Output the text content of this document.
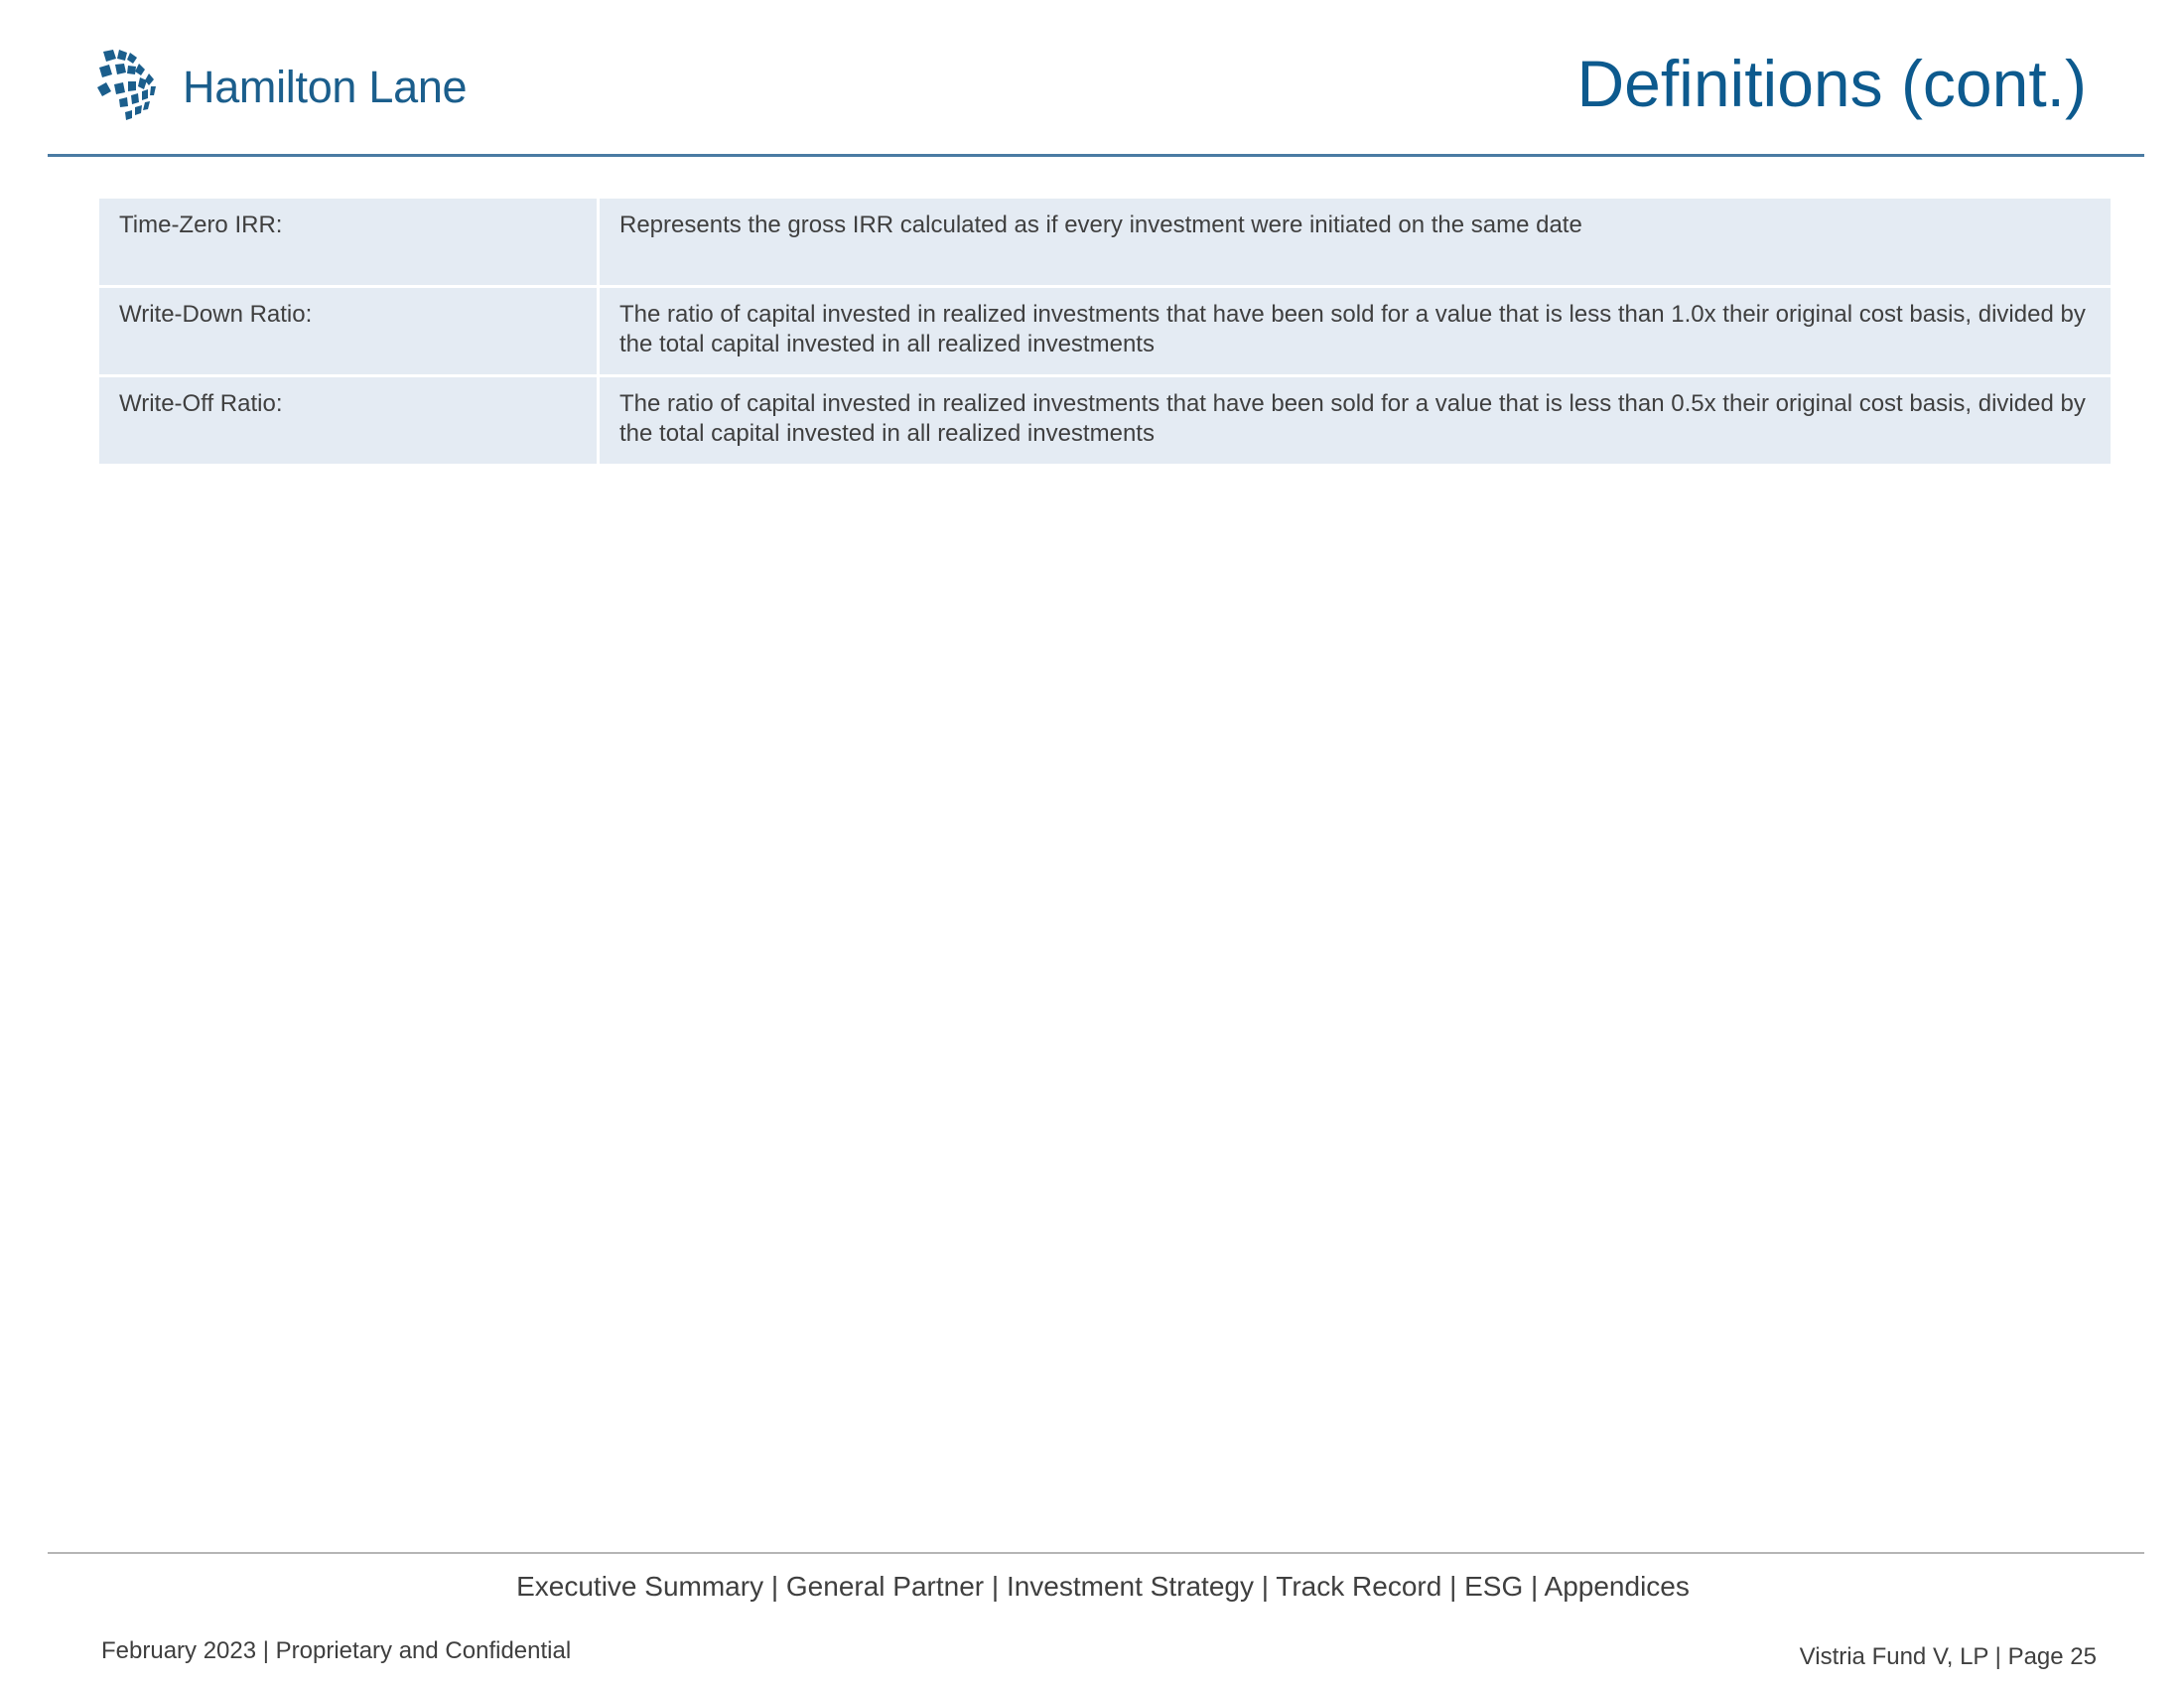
Hamilton Lane	Definitions (cont.)
Time-Zero IRR:	Represents the gross IRR calculated as if every investment were initiated on the same date
Write-Down Ratio:	The ratio of capital invested in realized investments that have been sold for a value that is less than 1.0x their original cost basis, divided by the total capital invested in all realized investments
Write-Off Ratio:	The ratio of capital invested in realized investments that have been sold for a value that is less than 0.5x their original cost basis, divided by the total capital invested in all realized investments
Executive Summary | General Partner | Investment Strategy | Track Record | ESG | Appendices
February 2023 | Proprietary and Confidential	Vistria Fund V, LP | Page 25
